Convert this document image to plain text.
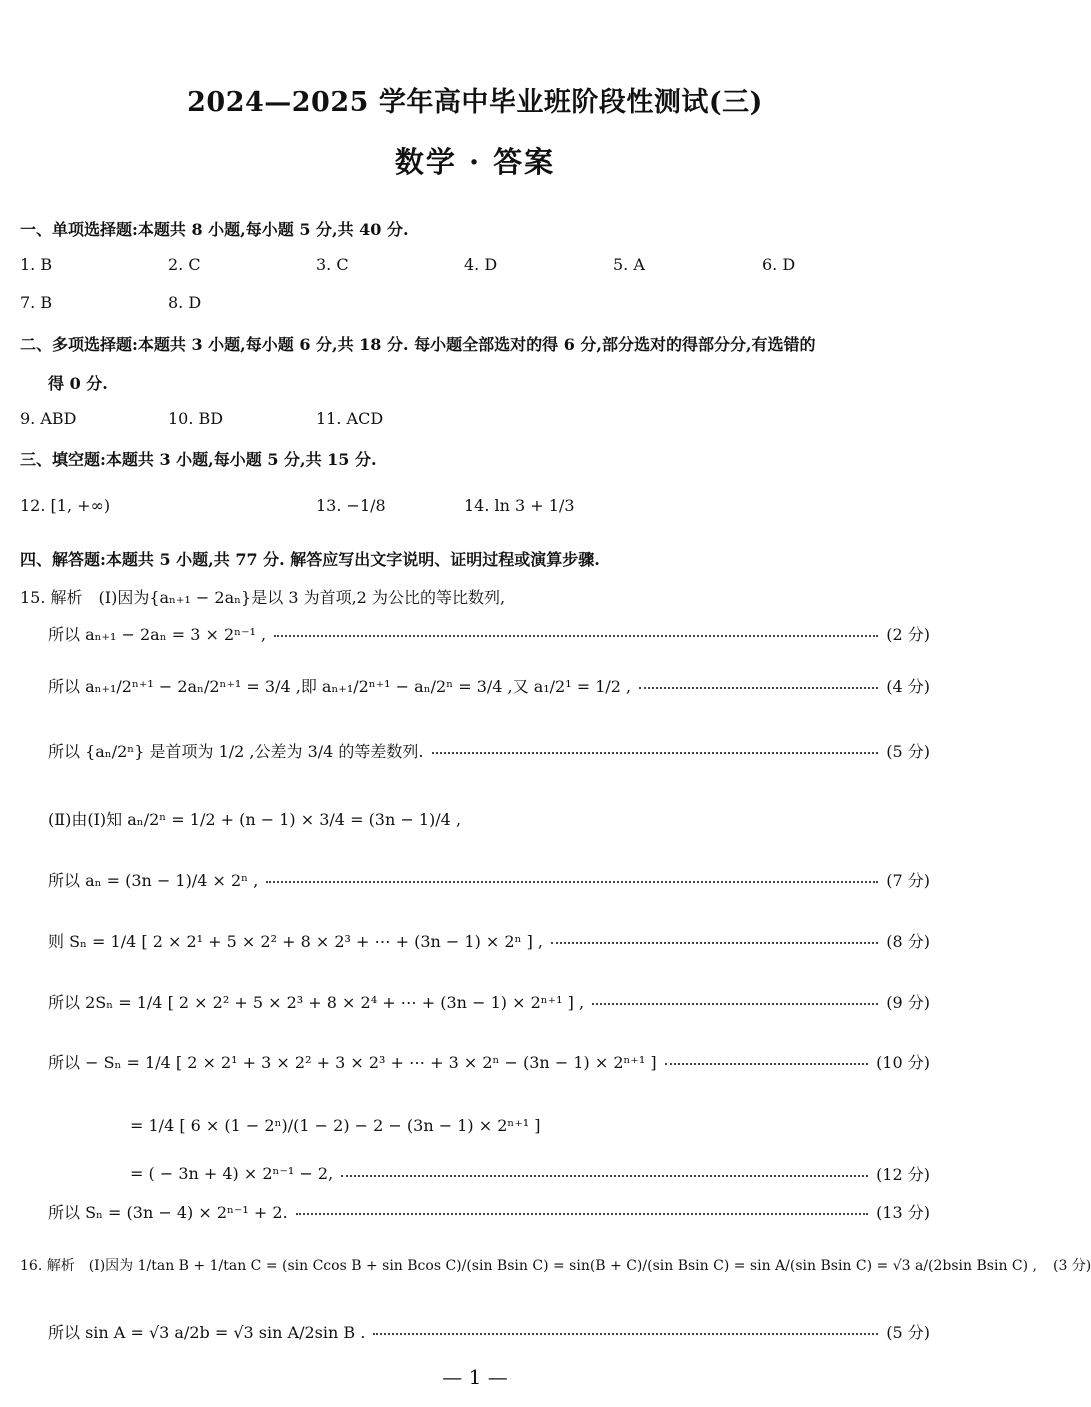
2024—2025 学年高中毕业班阶段性测试(三)
数学 · 答案
一、单项选择题:本题共 8 小题,每小题 5 分,共 40 分.
1. B	2. C	3. C	4. D	5. A	6. D
7. B	8. D
二、多项选择题:本题共 3 小题,每小题 6 分,共 18 分. 每小题全部选对的得 6 分,部分选对的得部分分,有选错的
得 0 分.
9. ABD	10. BD	11. ACD
三、填空题:本题共 3 小题,每小题 5 分,共 15 分.
12. [1, +∞)	13. −1/8	14. ln 3 + 1/3
四、解答题:本题共 5 小题,共 77 分. 解答应写出文字说明、证明过程或演算步骤.
15. 解析　(Ⅰ)因为{aₙ₊₁ − 2aₙ}是以 3 为首项,2 为公比的等比数列,
所以 aₙ₊₁ − 2aₙ = 3 × 2ⁿ⁻¹ ,	(2 分)
所以 aₙ₊₁/2ⁿ⁺¹ − 2aₙ/2ⁿ⁺¹ = 3/4 ,即 aₙ₊₁/2ⁿ⁺¹ − aₙ/2ⁿ = 3/4 ,又 a₁/2¹ = 1/2 ,	(4 分)
所以 {aₙ/2ⁿ} 是首项为 1/2 ,公差为 3/4 的等差数列.	(5 分)
(Ⅱ)由(Ⅰ)知 aₙ/2ⁿ = 1/2 + (n − 1) × 3/4 = (3n − 1)/4 ,
所以 aₙ = (3n − 1)/4 × 2ⁿ ,	(7 分)
则 Sₙ = 1/4 [ 2 × 2¹ + 5 × 2² + 8 × 2³ + ⋯ + (3n − 1) × 2ⁿ ] ,	(8 分)
所以 2Sₙ = 1/4 [ 2 × 2² + 5 × 2³ + 8 × 2⁴ + ⋯ + (3n − 1) × 2ⁿ⁺¹ ] ,	(9 分)
所以 − Sₙ = 1/4 [ 2 × 2¹ + 3 × 2² + 3 × 2³ + ⋯ + 3 × 2ⁿ − (3n − 1) × 2ⁿ⁺¹ ]	(10 分)
= 1/4 [ 6 × (1 − 2ⁿ)/(1 − 2) − 2 − (3n − 1) × 2ⁿ⁺¹ ]
= ( − 3n + 4) × 2ⁿ⁻¹ − 2,	(12 分)
所以 Sₙ = (3n − 4) × 2ⁿ⁻¹ + 2.	(13 分)
16. 解析　(Ⅰ)因为 1/tan B + 1/tan C = (sin Ccos B + sin Bcos C)/(sin Bsin C) = sin(B + C)/(sin Bsin C) = sin A/(sin Bsin C) = √3 a/(2bsin Bsin C) , (3 分)
所以 sin A = √3 a/2b = √3 sin A/2sin B .	(5 分)
— 1 —
